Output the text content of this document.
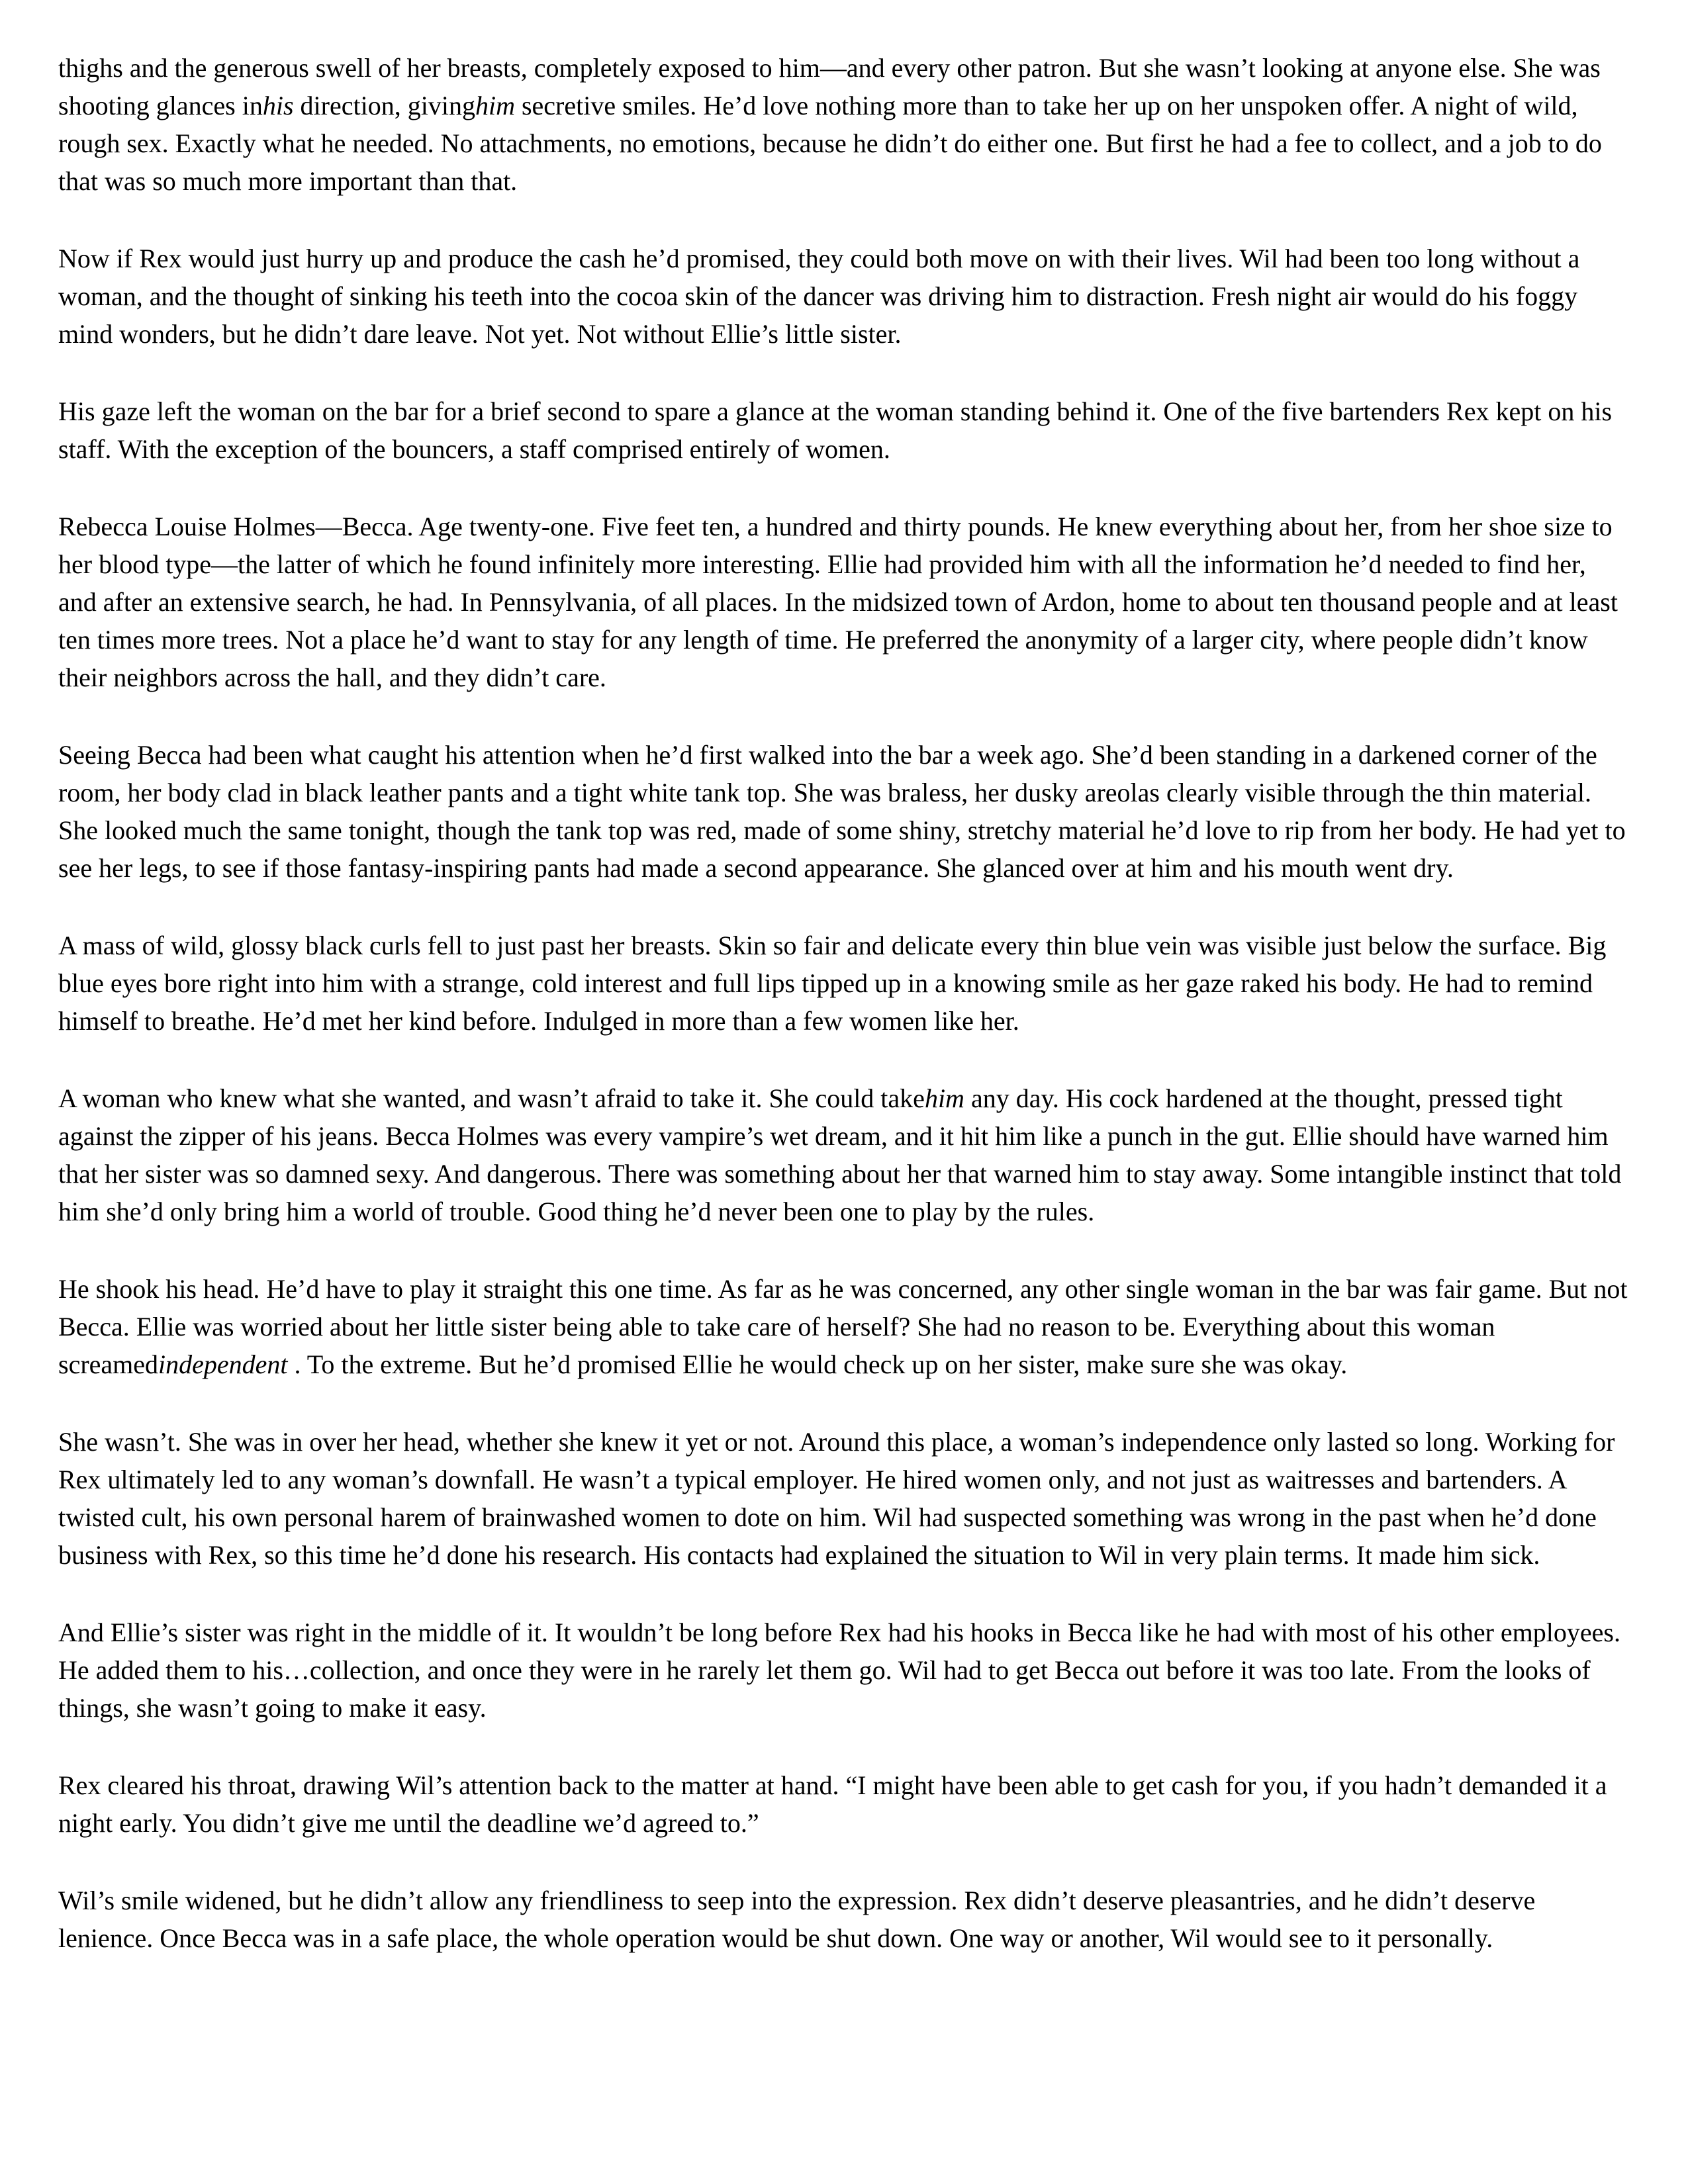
thighs and the generous swell of her breasts, completely exposed to him—and every other patron. But she wasn’t looking at anyone else. She was shooting glances inhis direction, givinghim secretive smiles. He’d love nothing more than to take her up on her unspoken offer. A night of wild, rough sex. Exactly what he needed. No attachments, no emotions, because he didn’t do either one. But first he had a fee to collect, and a job to do that was so much more important than that.

Now if Rex would just hurry up and produce the cash he’d promised, they could both move on with their lives. Wil had been too long without a woman, and the thought of sinking his teeth into the cocoa skin of the dancer was driving him to distraction. Fresh night air would do his foggy mind wonders, but he didn’t dare leave. Not yet. Not without Ellie’s little sister.

His gaze left the woman on the bar for a brief second to spare a glance at the woman standing behind it. One of the five bartenders Rex kept on his staff. With the exception of the bouncers, a staff comprised entirely of women.

Rebecca Louise Holmes—Becca. Age twenty-one. Five feet ten, a hundred and thirty pounds. He knew everything about her, from her shoe size to her blood type—the latter of which he found infinitely more interesting. Ellie had provided him with all the information he’d needed to find her, and after an extensive search, he had. In Pennsylvania, of all places. In the midsized town of Ardon, home to about ten thousand people and at least ten times more trees. Not a place he’d want to stay for any length of time. He preferred the anonymity of a larger city, where people didn’t know their neighbors across the hall, and they didn’t care.

Seeing Becca had been what caught his attention when he’d first walked into the bar a week ago. She’d been standing in a darkened corner of the room, her body clad in black leather pants and a tight white tank top. She was braless, her dusky areolas clearly visible through the thin material. She looked much the same tonight, though the tank top was red, made of some shiny, stretchy material he’d love to rip from her body. He had yet to see her legs, to see if those fantasy-inspiring pants had made a second appearance. She glanced over at him and his mouth went dry.

A mass of wild, glossy black curls fell to just past her breasts. Skin so fair and delicate every thin blue vein was visible just below the surface. Big blue eyes bore right into him with a strange, cold interest and full lips tipped up in a knowing smile as her gaze raked his body. He had to remind himself to breathe. He’d met her kind before. Indulged in more than a few women like her.

A woman who knew what she wanted, and wasn’t afraid to take it. She could takehim any day. His cock hardened at the thought, pressed tight against the zipper of his jeans. Becca Holmes was every vampire’s wet dream, and it hit him like a punch in the gut. Ellie should have warned him that her sister was so damned sexy. And dangerous. There was something about her that warned him to stay away. Some intangible instinct that told him she’d only bring him a world of trouble. Good thing he’d never been one to play by the rules.

He shook his head. He’d have to play it straight this one time. As far as he was concerned, any other single woman in the bar was fair game. But not Becca. Ellie was worried about her little sister being able to take care of herself? She had no reason to be. Everything about this woman screamedindependent . To the extreme. But he’d promised Ellie he would check up on her sister, make sure she was okay.

She wasn’t. She was in over her head, whether she knew it yet or not. Around this place, a woman’s independence only lasted so long. Working for Rex ultimately led to any woman’s downfall. He wasn’t a typical employer. He hired women only, and not just as waitresses and bartenders. A twisted cult, his own personal harem of brainwashed women to dote on him. Wil had suspected something was wrong in the past when he’d done business with Rex, so this time he’d done his research. His contacts had explained the situation to Wil in very plain terms. It made him sick.

And Ellie’s sister was right in the middle of it. It wouldn’t be long before Rex had his hooks in Becca like he had with most of his other employees. He added them to his…collection, and once they were in he rarely let them go. Wil had to get Becca out before it was too late. From the looks of things, she wasn’t going to make it easy.

Rex cleared his throat, drawing Wil’s attention back to the matter at hand. “I might have been able to get cash for you, if you hadn’t demanded it a night early. You didn’t give me until the deadline we’d agreed to.”

Wil’s smile widened, but he didn’t allow any friendliness to seep into the expression. Rex didn’t deserve pleasantries, and he didn’t deserve lenience. Once Becca was in a safe place, the whole operation would be shut down. One way or another, Wil would see to it personally.
